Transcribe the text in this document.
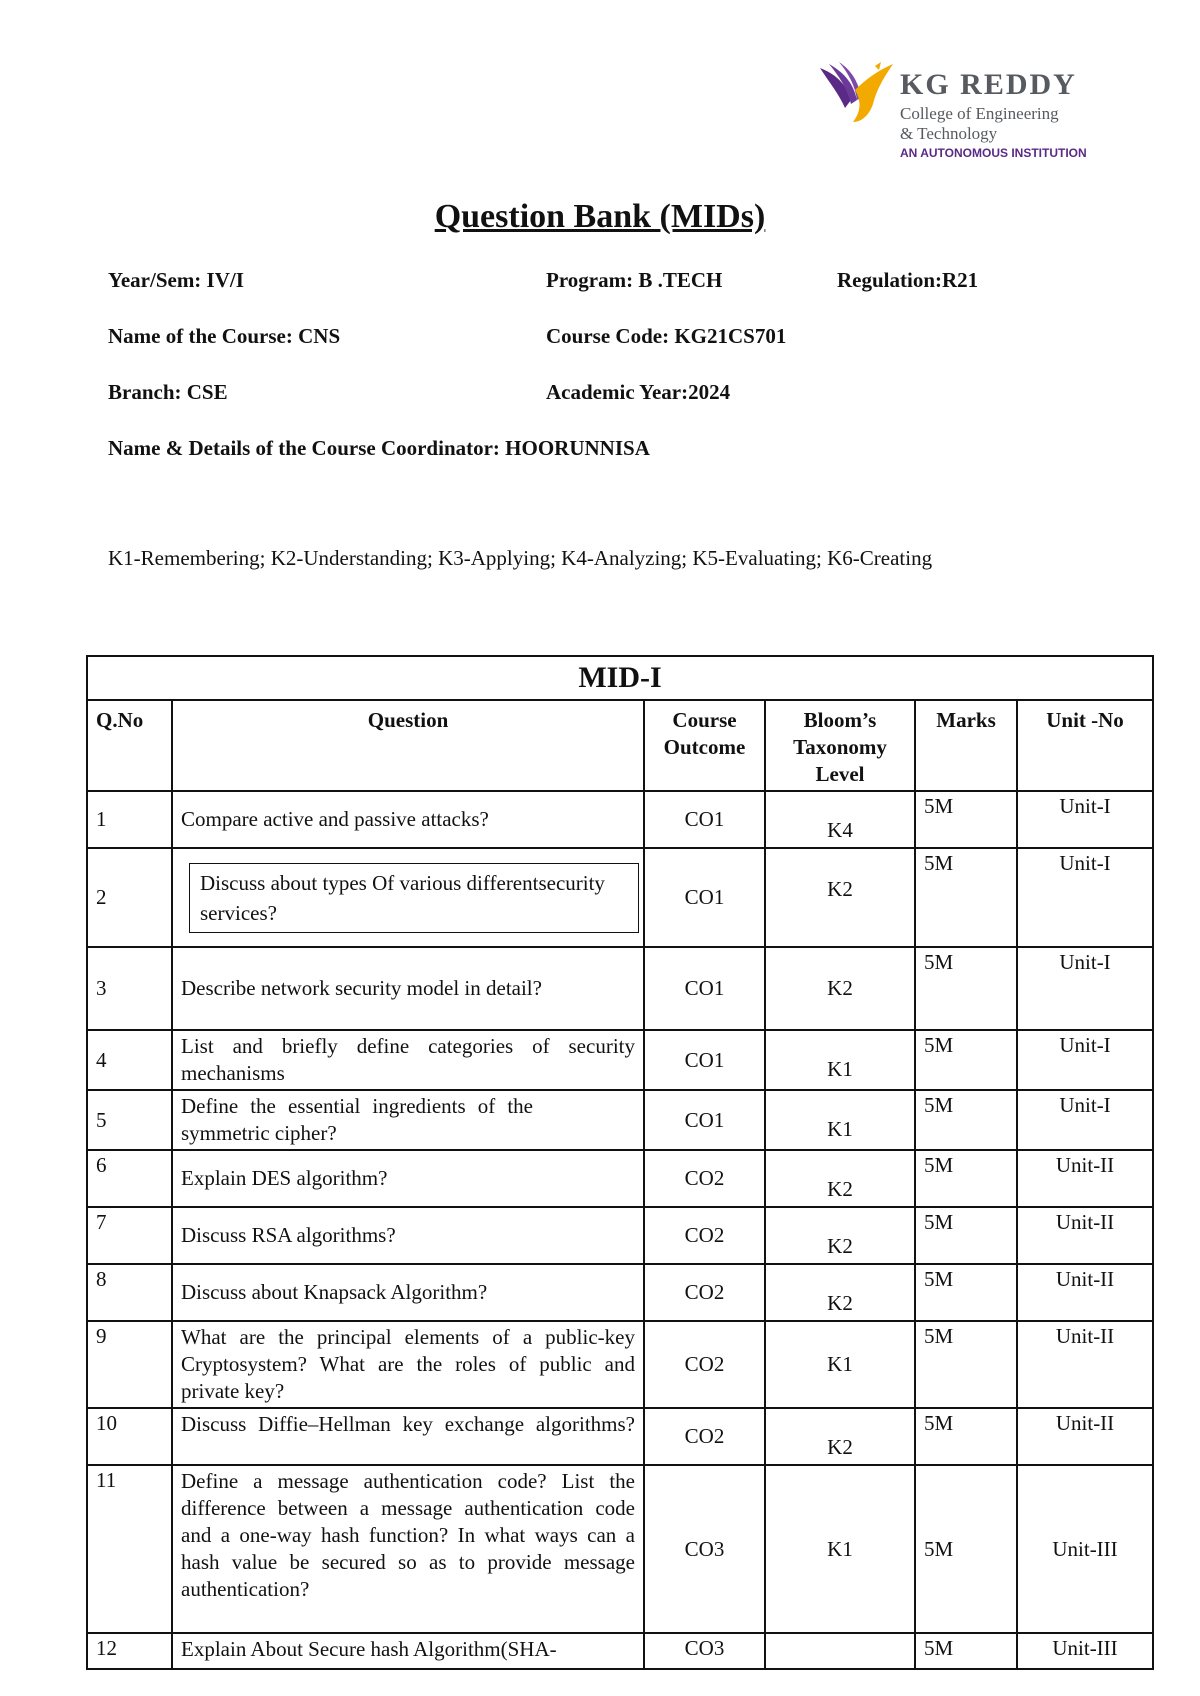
KG REDDY
College of Engineering
& Technology
AN AUTONOMOUS INSTITUTION
Question Bank (MIDs)
Year/Sem: IV/I	Program: B .TECH	Regulation:R21
Name of the Course: CNS	Course Code: KG21CS701
Branch: CSE	Academic Year:2024
Name & Details of the Course Coordinator: HOORUNNISA
K1-Remembering; K2-Understanding; K3-Applying; K4-Analyzing; K5-Evaluating; K6-Creating
MID-I					
Q.No	Question	Course Outcome	Bloom’s Taxonomy Level	Marks	Unit -No
1	Compare active and passive attacks?	CO1	K4	5M	Unit-I
2	Discuss about types Of various differentsecurity services?	CO1	K2	5M	Unit-I
3	Describe network security model in detail?	CO1	K2	5M	Unit-I
4	List and briefly define categories of security mechanisms	CO1	K1	5M	Unit-I
5	Define the essential ingredients of the symmetric cipher?	CO1	K1	5M	Unit-I
6	Explain DES algorithm?	CO2	K2	5M	Unit-II
7	Discuss RSA algorithms?	CO2	K2	5M	Unit-II
8	Discuss about Knapsack Algorithm?	CO2	K2	5M	Unit-II
9	What are the principal elements of a public-key Cryptosystem? What are the roles of public and private key?	CO2	K1	5M	Unit-II
10	Discuss Diffie–Hellman key exchange algorithms?	CO2	K2	5M	Unit-II
11	Define a message authentication code? List the difference between a message authentication code and a one-way hash function? In what ways can a hash value be secured so as to provide message authentication?	CO3	K1	5M	Unit-III
12	Explain About Secure hash Algorithm(SHA-	CO3		5M	Unit-III
